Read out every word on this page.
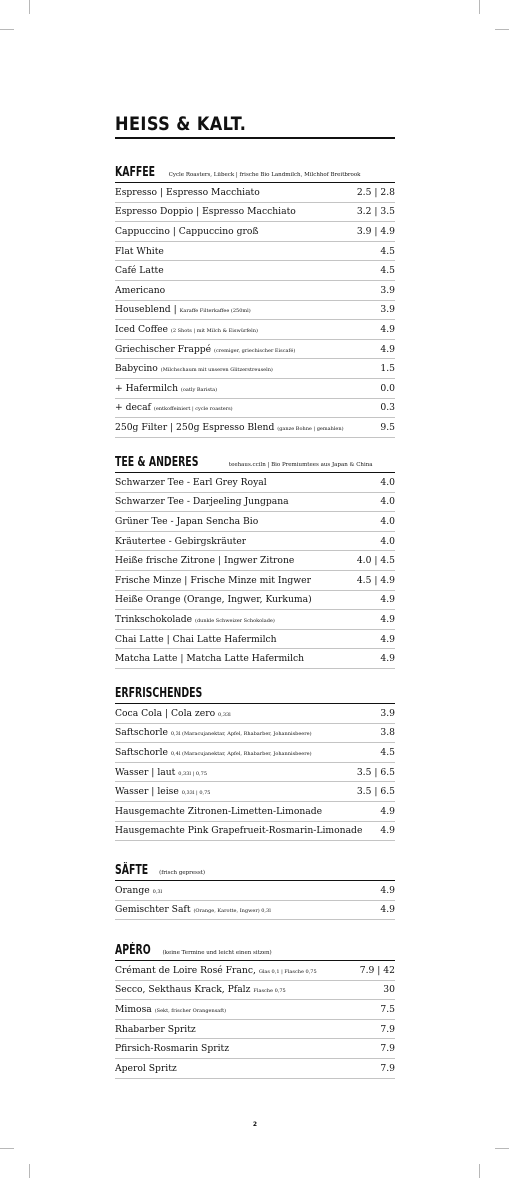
HEISS & KALT.
KAFFEE Cycle Roasters, Lübeck | frische Bio Landmilch, Milchhof Breitbrook
Espresso | Espresso Macchiato	2.5 | 2.8
Espresso Doppio | Espresso Macchiato	3.2 | 3.5
Cappuccino | Cappuccino groß	3.9 | 4.9
Flat White	4.5
Café Latte	4.5
Americano	3.9
Houseblend | Karaffe Filterkaffee (250ml)	3.9
Iced Coffee (2 Shots | mit Milch & Eiswürfeln)	4.9
Griechischer Frappé (cremiger, griechischer Eiscafé)	4.9
Babycino (Milchschaum mit unseren Glitzerstreuseln)	1.5
+ Hafermilch (oatly Barista)	0.0
+ decaf (entkoffeiniert | cycle roasters)	0.3
250g Filter | 250g Espresso Blend (ganze Bohne | gemahlen)	9.5
TEE & ANDERES	teehaus.cciln | Bio Premiumtees aus Japan & China
Schwarzer Tee - Earl Grey Royal	4.0
Schwarzer Tee - Darjeeling Jungpana	4.0
Grüner Tee - Japan Sencha Bio	4.0
Kräutertee - Gebirgskräuter	4.0
Heiße frische Zitrone | Ingwer Zitrone	4.0 | 4.5
Frische Minze | Frische Minze mit Ingwer	4.5 | 4.9
Heiße Orange (Orange, Ingwer, Kurkuma)	4.9
Trinkschokolade (dunkle Schweizer Schokolade)	4.9
Chai Latte | Chai Latte Hafermilch	4.9
Matcha Latte | Matcha Latte Hafermilch	4.9
ERFRISCHENDES
Coca Cola | Cola zero 0,33l	3.9
Saftschorle 0,3l (Maracujanektar, Apfel, Rhabarber, Johannisbeere)	3.8
Saftschorle 0,4l (Maracujanektar, Apfel, Rhabarber, Johannisbeere)	4.5
Wasser | laut 0,33l | 0,75	3.5 | 6.5
Wasser | leise 0,33l | 0,75	3.5 | 6.5
Hausgemachte Zitronen-Limetten-Limonade	4.9
Hausgemachte Pink Grapefrueit-Rosmarin-Limonade 4.9
SÄFTE (frisch gepresst)
Orange 0,3l	4.9
Gemischter Saft (Orange, Karotte, Ingwer) 0,3l	4.9
APÉRO (keine Termine und leicht einen sitzen)
Crémant de Loire Rosé Franc, Glas 0,1 | Flasche 0,75	7.9 | 42
Secco, Sekthaus Krack, Pfalz Flasche 0,75	30
Mimosa (Sekt, frischer Orangensaft)	7.5
Rhabarber Spritz	7.9
Pfirsich-Rosmarin Spritz	7.9
Aperol Spritz	7.9
2
